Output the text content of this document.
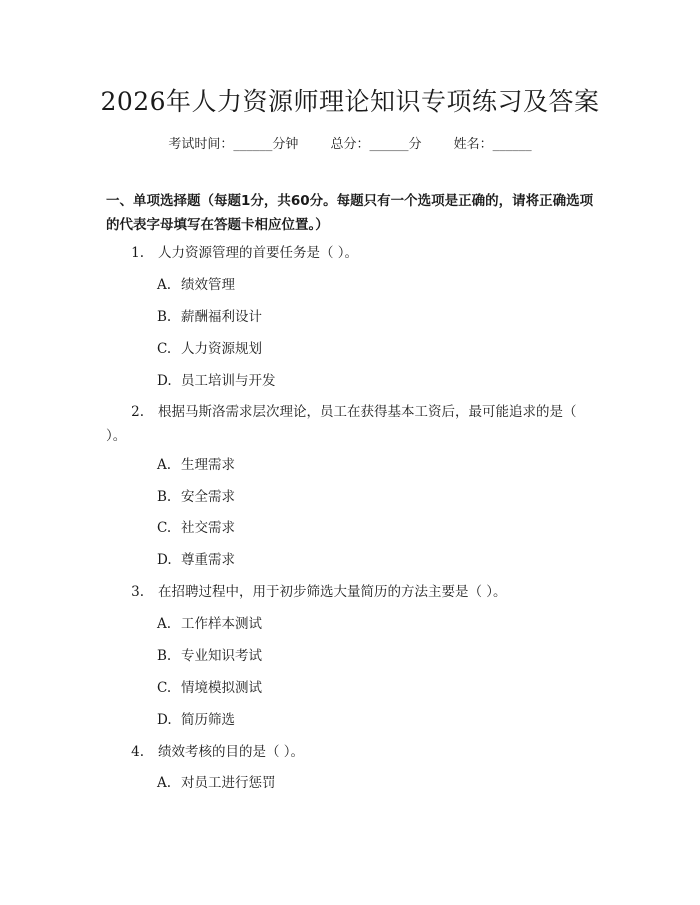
2026年人力资源师理论知识专项练习及答案
考试时间：______分钟 总分：______分 姓名：______
一、单项选择题（每题1分，共60分。每题只有一个选项是正确的，请将正确选项的代表字母填写在答题卡相应位置。）
1. 人力资源管理的首要任务是（ ）。
A. 绩效管理
B. 薪酬福利设计
C. 人力资源规划
D. 员工培训与开发
2. 根据马斯洛需求层次理论，员工在获得基本工资后，最可能追求的是（ ）。
A. 生理需求
B. 安全需求
C. 社交需求
D. 尊重需求
3. 在招聘过程中，用于初步筛选大量简历的方法主要是（ ）。
A. 工作样本测试
B. 专业知识考试
C. 情境模拟测试
D. 简历筛选
4. 绩效考核的目的是（ ）。
A. 对员工进行惩罚
